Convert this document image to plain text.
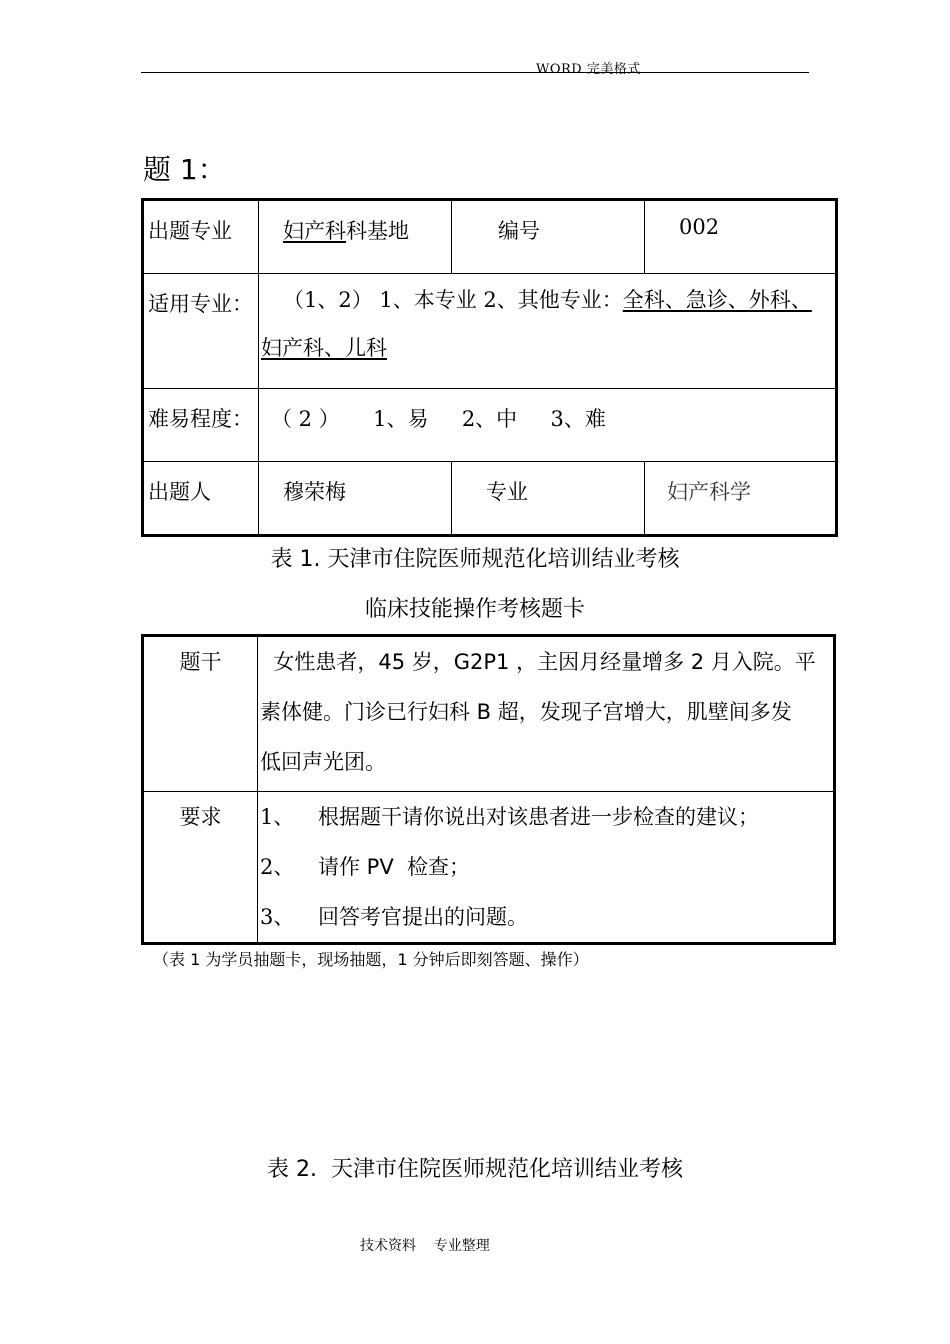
WORD 完美格式
题 1：
出题专业	妇产科科基地	编号	002
适用专业：	（1、2） 1、本专业 2、其他专业：全科、急诊、外科、
妇产科、儿科		
难易程度：	（ 2 ）     1、易     2、中     3、难		
出题人	穆荣梅	专业	妇产科学
表 1. 天津市住院医师规范化培训结业考核
临床技能操作考核题卡
题干	女性患者，45 岁，G2P1 ，主因月经量增多 2 月入院。平
素体健。门诊已行妇科 B 超，发现子宫增大，肌壁间多发
低回声光团。

要求	1、 根据题干请你说出对该患者进一步检查的建议；
2、 请作 PV  检查；
3、 回答考官提出的问题。
（表 1 为学员抽题卡，现场抽题，1 分钟后即刻答题、操作）
表 2.  天津市住院医师规范化培训结业考核
技术资料    专业整理
